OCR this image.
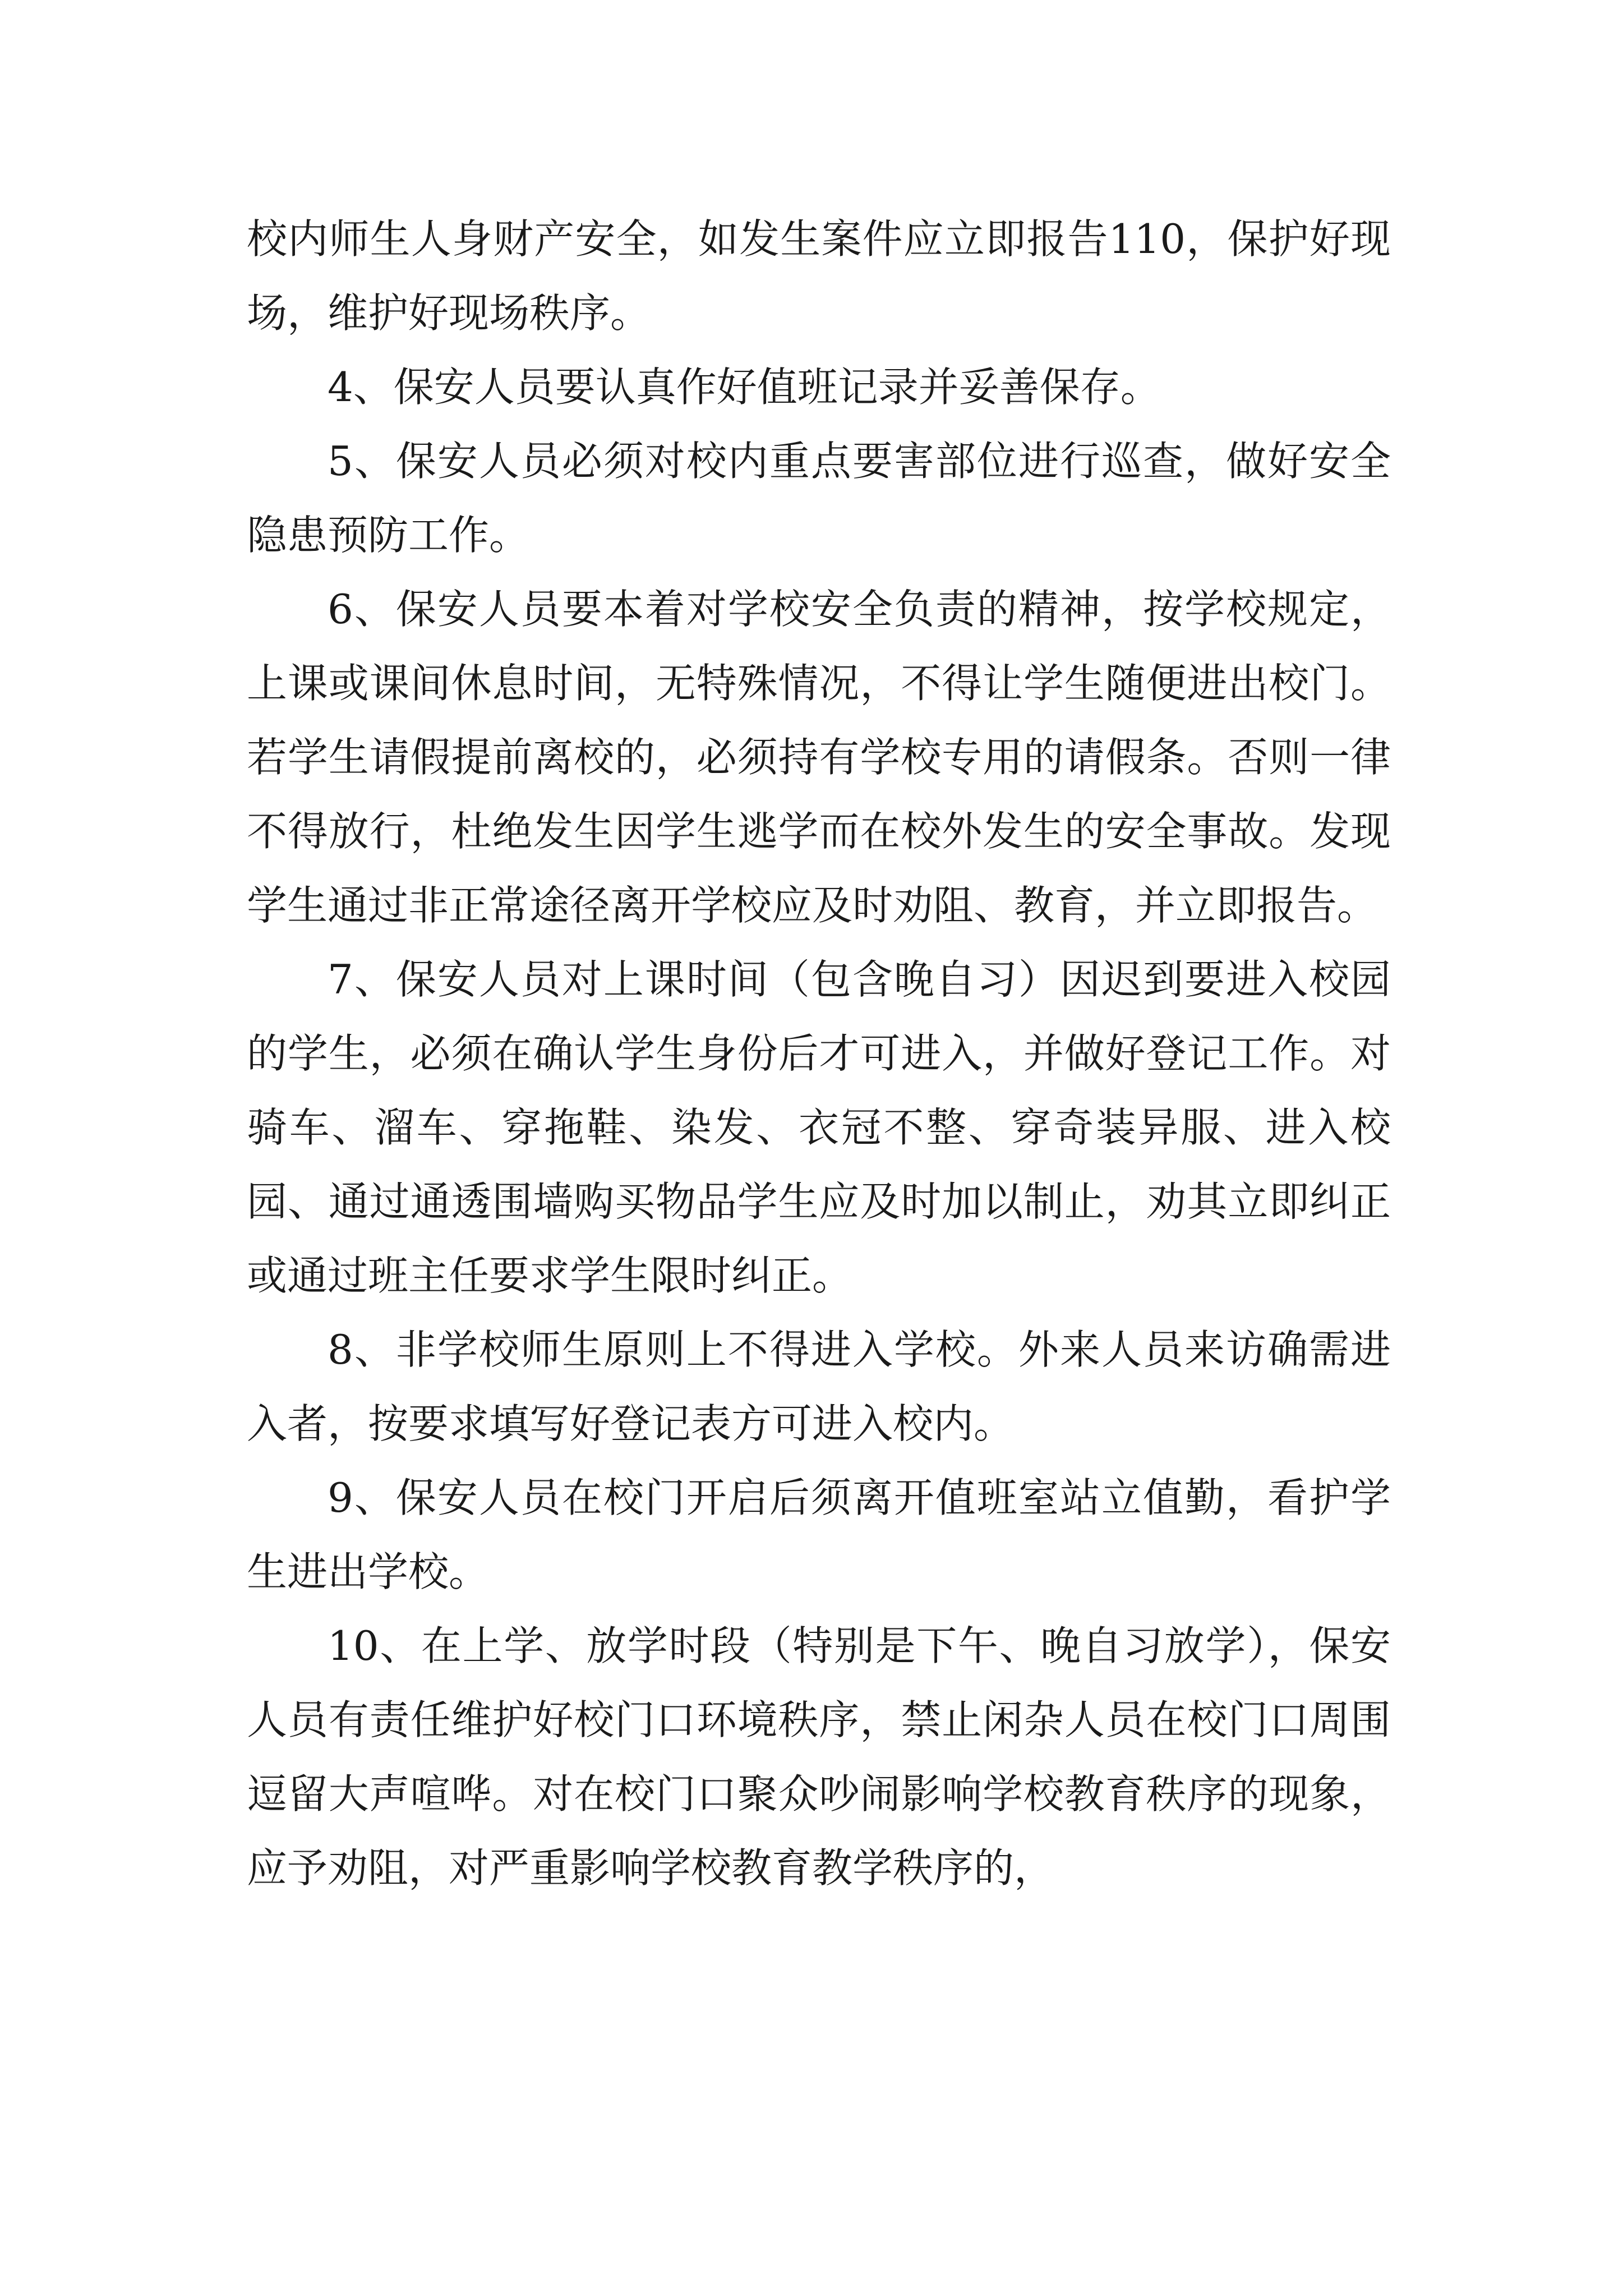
校内师生人身财产安全，如发生案件应立即报告110，保护好现场，维护好现场秩序。

4、保安人员要认真作好值班记录并妥善保存。

5、保安人员必须对校内重点要害部位进行巡查，做好安全隐患预防工作。

6、保安人员要本着对学校安全负责的精神，按学校规定，上课或课间休息时间，无特殊情况，不得让学生随便进出校门。若学生请假提前离校的，必须持有学校专用的请假条。否则一律不得放行，杜绝发生因学生逃学而在校外发生的安全事故。发现学生通过非正常途径离开学校应及时劝阻、教育，并立即报告。

7、保安人员对上课时间（包含晚自习）因迟到要进入校园的学生，必须在确认学生身份后才可进入，并做好登记工作。对骑车、溜车、穿拖鞋、染发、衣冠不整、穿奇装异服、进入校园、通过通透围墙购买物品学生应及时加以制止，劝其立即纠正或通过班主任要求学生限时纠正。

8、非学校师生原则上不得进入学校。外来人员来访确需进入者，按要求填写好登记表方可进入校内。

9、保安人员在校门开启后须离开值班室站立值勤，看护学生进出学校。

10、在上学、放学时段（特别是下午、晚自习放学），保安人员有责任维护好校门口环境秩序，禁止闲杂人员在校门口周围逗留大声喧哗。对在校门口聚众吵闹影响学校教育秩序的现象，应予劝阻，对严重影响学校教育教学秩序的，
